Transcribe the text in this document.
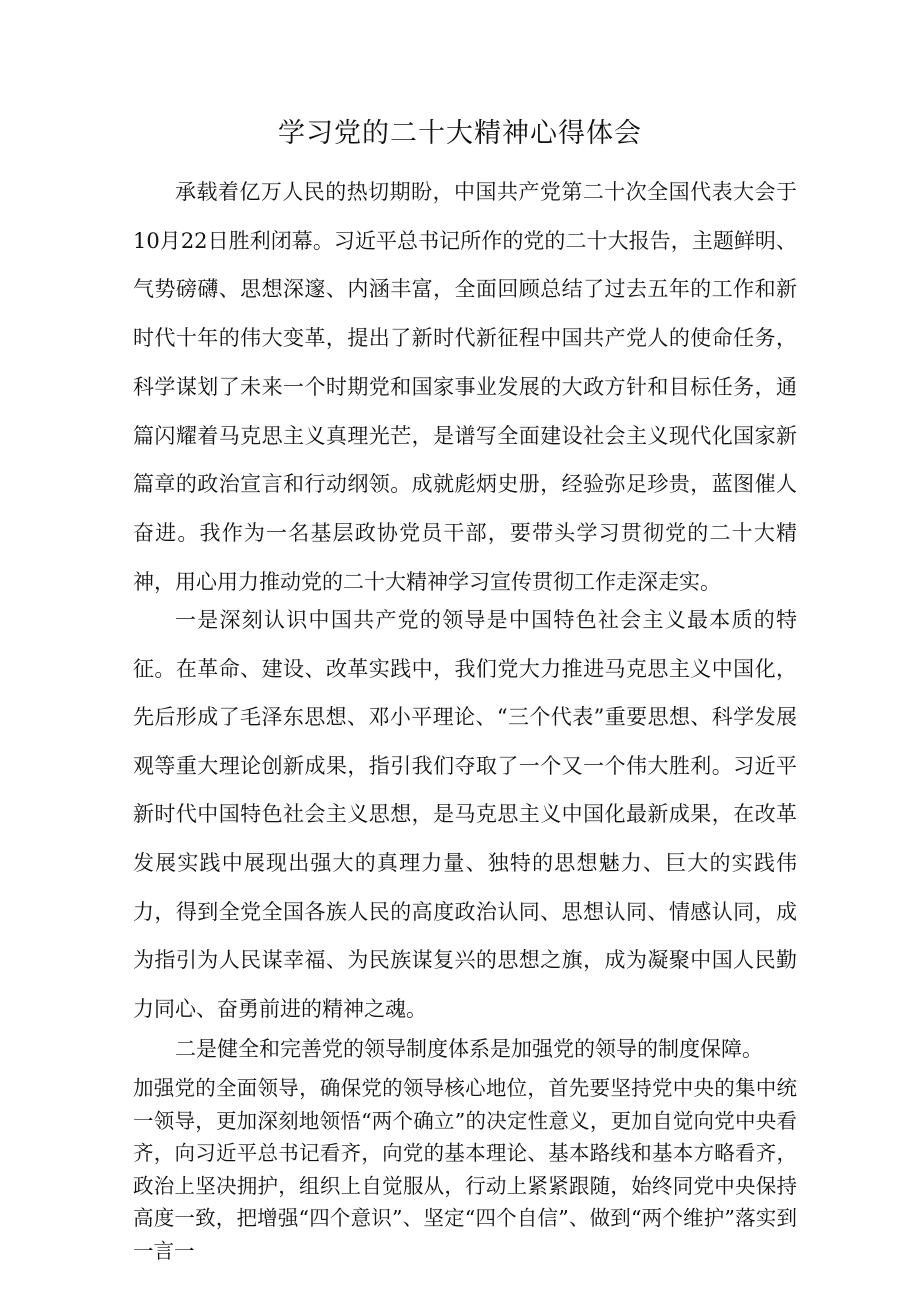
学习党的二十大精神心得体会

承载着亿万人民的热切期盼，中国共产党第二十次全国代表大会于10月22日胜利闭幕。习近平总书记所作的党的二十大报告，主题鲜明、气势磅礴、思想深邃、内涵丰富，全面回顾总结了过去五年的工作和新时代十年的伟大变革，提出了新时代新征程中国共产党人的使命任务，科学谋划了未来一个时期党和国家事业发展的大政方针和目标任务，通篇闪耀着马克思主义真理光芒，是谱写全面建设社会主义现代化国家新篇章的政治宣言和行动纲领。成就彪炳史册，经验弥足珍贵，蓝图催人奋进。我作为一名基层政协党员干部，要带头学习贯彻党的二十大精神，用心用力推动党的二十大精神学习宣传贯彻工作走深走实。

一是深刻认识中国共产党的领导是中国特色社会主义最本质的特征。在革命、建设、改革实践中，我们党大力推进马克思主义中国化，先后形成了毛泽东思想、邓小平理论、“三个代表”重要思想、科学发展观等重大理论创新成果，指引我们夺取了一个又一个伟大胜利。习近平新时代中国特色社会主义思想，是马克思主义中国化最新成果，在改革发展实践中展现出强大的真理力量、独特的思想魅力、巨大的实践伟力，得到全党全国各族人民的高度政治认同、思想认同、情感认同，成为指引为人民谋幸福、为民族谋复兴的思想之旗，成为凝聚中国人民勤力同心、奋勇前进的精神之魂。

二是健全和完善党的领导制度体系是加强党的领导的制度保障。

加强党的全面领导，确保党的领导核心地位，首先要坚持党中央的集中统一领导，更加深刻地领悟“两个确立”的决定性意义，更加自觉向党中央看齐，向习近平总书记看齐，向党的基本理论、基本路线和基本方略看齐，政治上坚决拥护，组织上自觉服从，行动上紧紧跟随，始终同党中央保持高度一致，把增强“四个意识”、坚定“四个自信”、做到“两个维护”落实到一言一
